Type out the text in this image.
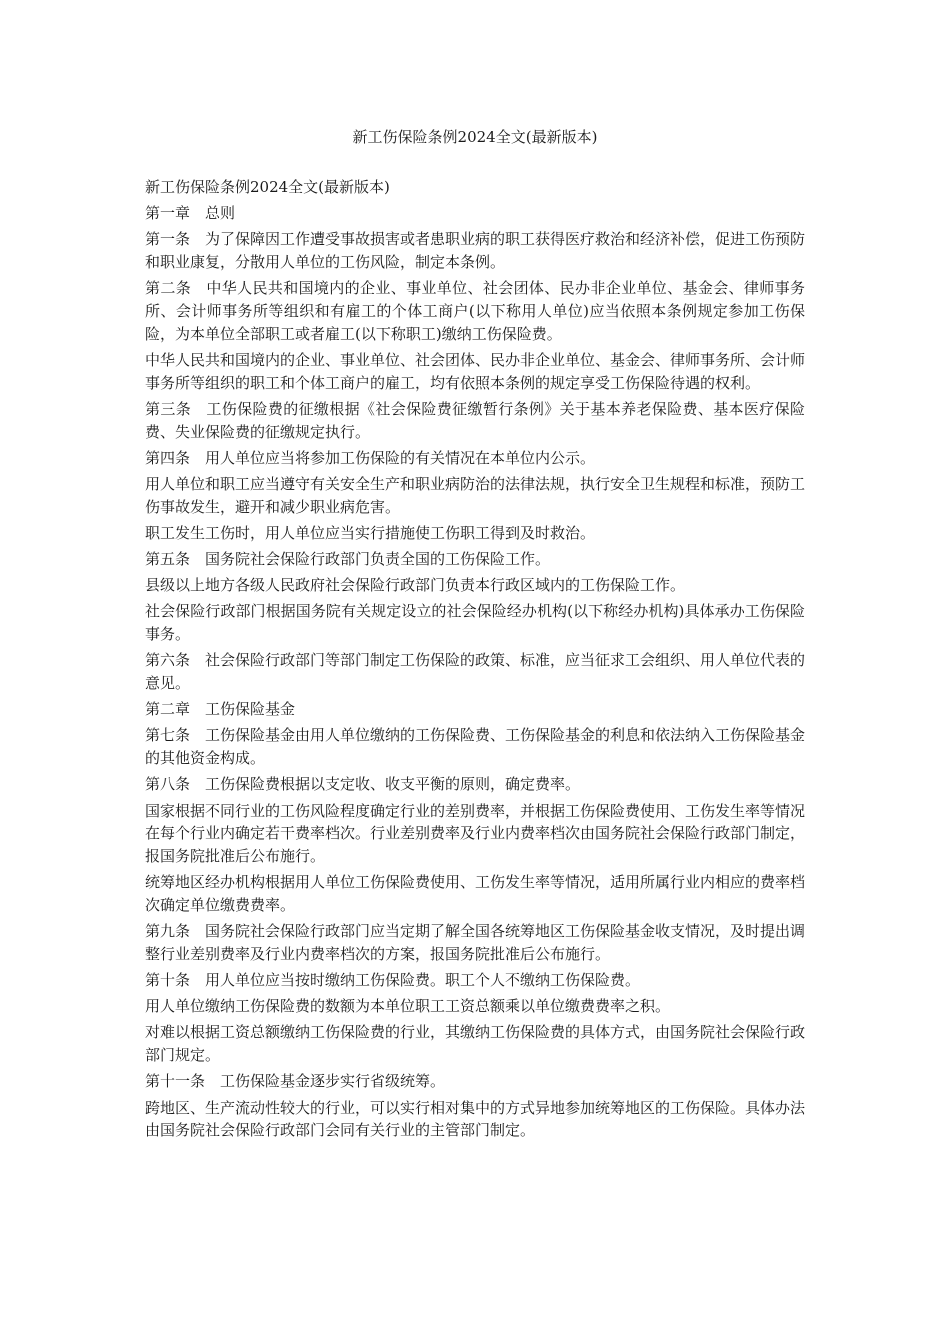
新工伤保险条例2024全文(最新版本)

新工伤保险条例2024全文(最新版本)

第一章　总则

第一条　为了保障因工作遭受事故损害或者患职业病的职工获得医疗救治和经济补偿，促进工伤预防和职业康复，分散用人单位的工伤风险，制定本条例。

第二条　中华人民共和国境内的企业、事业单位、社会团体、民办非企业单位、基金会、律师事务所、会计师事务所等组织和有雇工的个体工商户(以下称用人单位)应当依照本条例规定参加工伤保险，为本单位全部职工或者雇工(以下称职工)缴纳工伤保险费。

中华人民共和国境内的企业、事业单位、社会团体、民办非企业单位、基金会、律师事务所、会计师事务所等组织的职工和个体工商户的雇工，均有依照本条例的规定享受工伤保险待遇的权利。

第三条　工伤保险费的征缴根据《社会保险费征缴暂行条例》关于基本养老保险费、基本医疗保险费、失业保险费的征缴规定执行。

第四条　用人单位应当将参加工伤保险的有关情况在本单位内公示。

用人单位和职工应当遵守有关安全生产和职业病防治的法律法规，执行安全卫生规程和标准，预防工伤事故发生，避开和减少职业病危害。

职工发生工伤时，用人单位应当实行措施使工伤职工得到及时救治。

第五条　国务院社会保险行政部门负责全国的工伤保险工作。

县级以上地方各级人民政府社会保险行政部门负责本行政区域内的工伤保险工作。

社会保险行政部门根据国务院有关规定设立的社会保险经办机构(以下称经办机构)具体承办工伤保险事务。

第六条　社会保险行政部门等部门制定工伤保险的政策、标准，应当征求工会组织、用人单位代表的意见。

第二章　工伤保险基金

第七条　工伤保险基金由用人单位缴纳的工伤保险费、工伤保险基金的利息和依法纳入工伤保险基金的其他资金构成。

第八条　工伤保险费根据以支定收、收支平衡的原则，确定费率。

国家根据不同行业的工伤风险程度确定行业的差别费率，并根据工伤保险费使用、工伤发生率等情况在每个行业内确定若干费率档次。行业差别费率及行业内费率档次由国务院社会保险行政部门制定，报国务院批准后公布施行。

统筹地区经办机构根据用人单位工伤保险费使用、工伤发生率等情况，适用所属行业内相应的费率档次确定单位缴费费率。

第九条　国务院社会保险行政部门应当定期了解全国各统筹地区工伤保险基金收支情况，及时提出调整行业差别费率及行业内费率档次的方案，报国务院批准后公布施行。

第十条　用人单位应当按时缴纳工伤保险费。职工个人不缴纳工伤保险费。

用人单位缴纳工伤保险费的数额为本单位职工工资总额乘以单位缴费费率之积。

对难以根据工资总额缴纳工伤保险费的行业，其缴纳工伤保险费的具体方式，由国务院社会保险行政部门规定。

第十一条　工伤保险基金逐步实行省级统筹。

跨地区、生产流动性较大的行业，可以实行相对集中的方式异地参加统筹地区的工伤保险。具体办法由国务院社会保险行政部门会同有关行业的主管部门制定。
